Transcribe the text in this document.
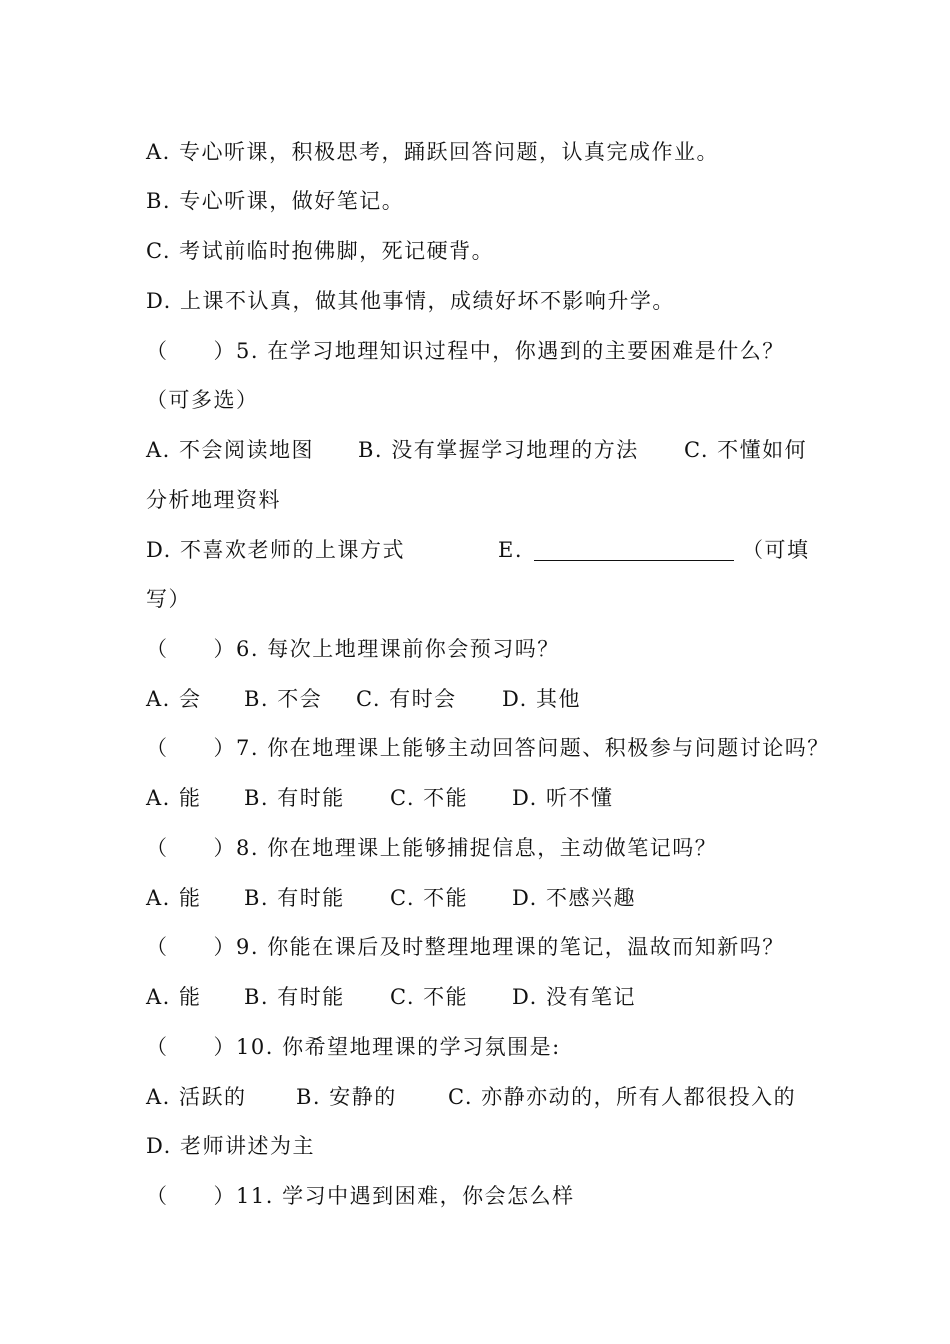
A. 专心听课，积极思考，踊跃回答问题，认真完成作业。
B. 专心听课，做好笔记。
C. 考试前临时抱佛脚，死记硬背。
D. 上课不认真，做其他事情，成绩好坏不影响升学。
（　　）5. 在学习地理知识过程中，你遇到的主要困难是什么？
（可多选）
A. 不会阅读地图 B. 没有掌握学习地理的方法 C. 不懂如何
分析地理资料
D. 不喜欢老师的上课方式	E.	（可填
写）
（　　）6. 每次上地理课前你会预习吗？
A. 会 B. 不会 C. 有时会 D. 其他
（　　）7. 你在地理课上能够主动回答问题、积极参与问题讨论吗？
A. 能 B. 有时能 C. 不能 D. 听不懂
（　　）8. 你在地理课上能够捕捉信息，主动做笔记吗？
A. 能 B. 有时能 C. 不能 D. 不感兴趣
（　　）9. 你能在课后及时整理地理课的笔记，温故而知新吗？
A. 能 B. 有时能 C. 不能 D. 没有笔记
（　　）10. 你希望地理课的学习氛围是:
A. 活跃的 B. 安静的 C. 亦静亦动的，所有人都很投入的
D. 老师讲述为主
（　　）11. 学习中遇到困难，你会怎么样
